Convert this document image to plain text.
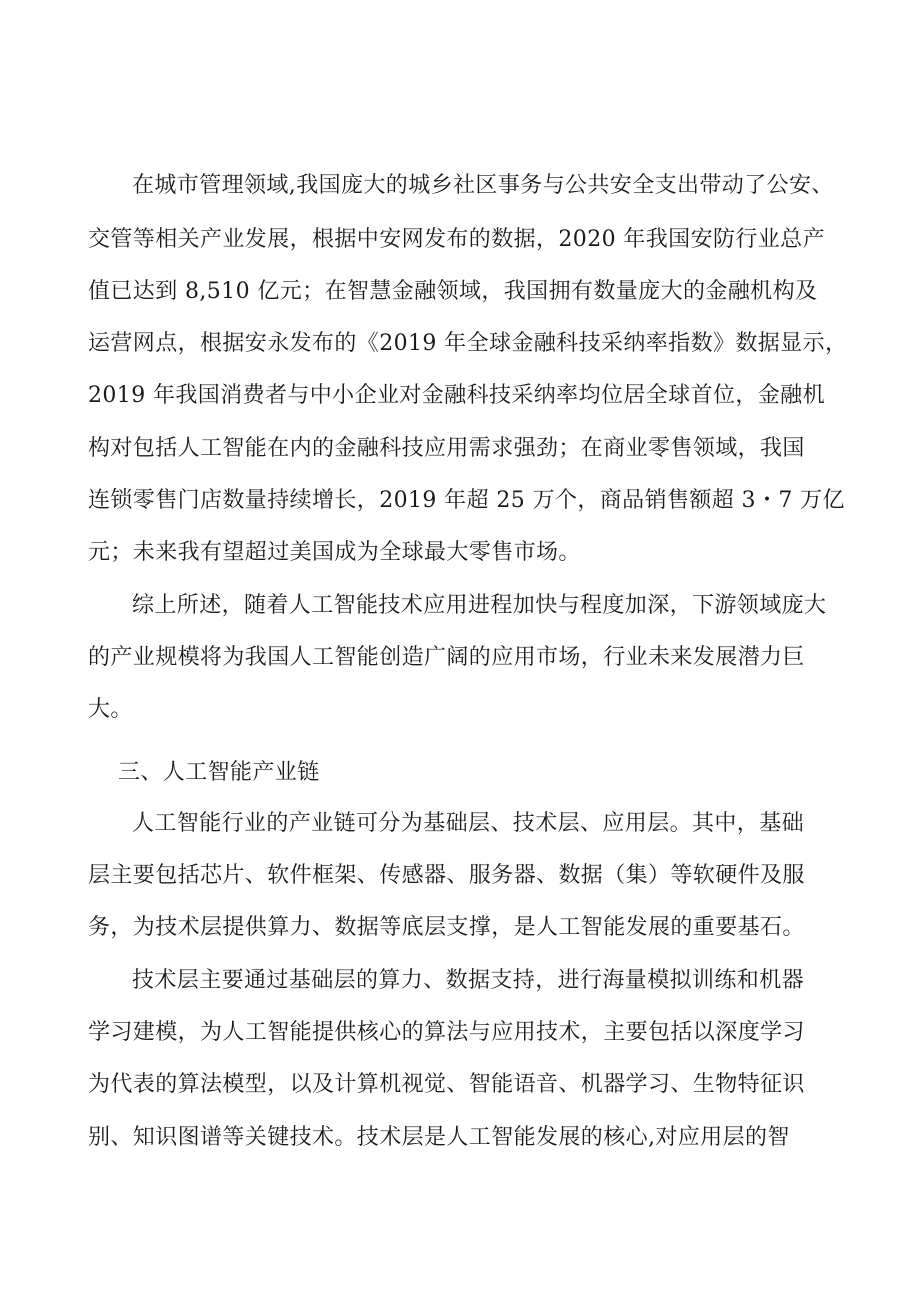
在城市管理领域,我国庞大的城乡社区事务与公共安全支出带动了公安、
交管等相关产业发展，根据中安网发布的数据，2020 年我国安防行业总产
值已达到 8,510 亿元；在智慧金融领域，我国拥有数量庞大的金融机构及
运营网点，根据安永发布的《2019 年全球金融科技采纳率指数》数据显示，
2019 年我国消费者与中小企业对金融科技采纳率均位居全球首位，金融机
构对包括人工智能在内的金融科技应用需求强劲；在商业零售领域，我国
连锁零售门店数量持续增长，2019 年超 25 万个，商品销售额超 3・7 万亿
元；未来我有望超过美国成为全球最大零售市场。
综上所述，随着人工智能技术应用进程加快与程度加深，下游领域庞大
的产业规模将为我国人工智能创造广阔的应用市场，行业未来发展潜力巨
大。
三、人工智能产业链
人工智能行业的产业链可分为基础层、技术层、应用层。其中，基础
层主要包括芯片、软件框架、传感器、服务器、数据（集）等软硬件及服
务，为技术层提供算力、数据等底层支撑，是人工智能发展的重要基石。
技术层主要通过基础层的算力、数据支持，进行海量模拟训练和机器
学习建模，为人工智能提供核心的算法与应用技术，主要包括以深度学习
为代表的算法模型，以及计算机视觉、智能语音、机器学习、生物特征识
别、知识图谱等关键技术。技术层是人工智能发展的核心,对应用层的智
